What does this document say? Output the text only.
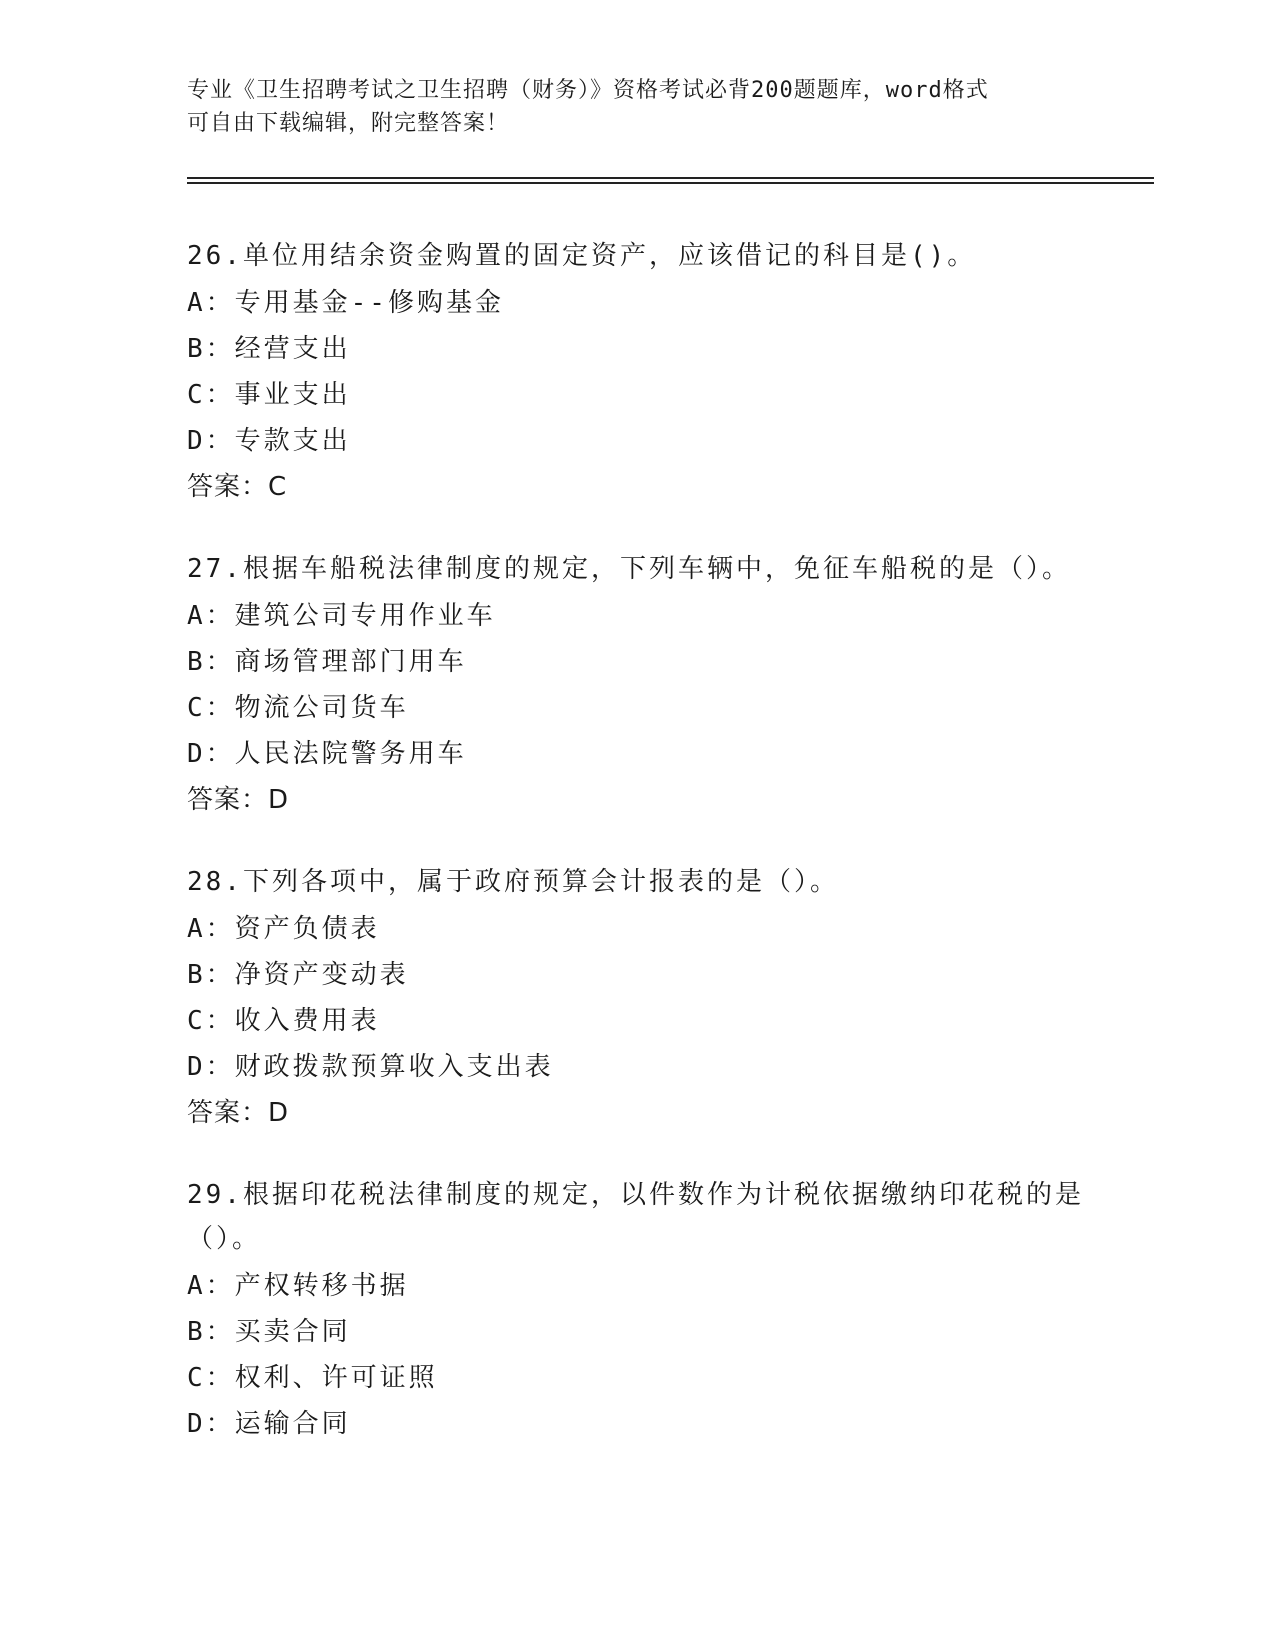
专业《卫生招聘考试之卫生招聘（财务）》资格考试必背200题题库，word格式
可自由下载编辑，附完整答案！
26.单位用结余资金购置的固定资产，应该借记的科目是()。
A：专用基金--修购基金
B：经营支出
C：事业支出
D：专款支出
答案：C
27.根据车船税法律制度的规定，下列车辆中，免征车船税的是（）。
A：建筑公司专用作业车
B：商场管理部门用车
C：物流公司货车
D：人民法院警务用车
答案：D
28.下列各项中，属于政府预算会计报表的是（）。
A：资产负债表
B：净资产变动表
C：收入费用表
D：财政拨款预算收入支出表
答案：D
29.根据印花税法律制度的规定，以件数作为计税依据缴纳印花税的是（）。
A：产权转移书据
B：买卖合同
C：权利、许可证照
D：运输合同
